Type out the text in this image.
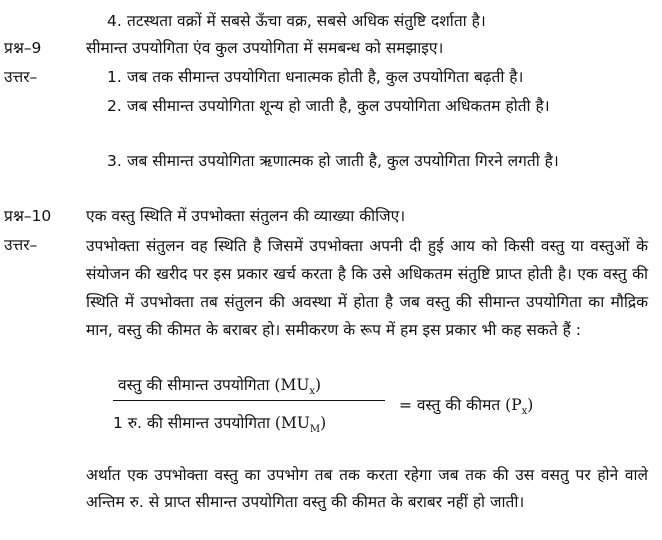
4. तटस्थता वक्रों में सबसे ऊँचा वक्र, सबसे अधिक संतुष्टि दर्शाता है।
प्रश्न–9	सीमान्त उपयोगिता एंव कुल उपयोगिता में समबन्ध को समझाइए।
उत्तर–	1. जब तक सीमान्त उपयोगिता धनात्मक होती है, कुल उपयोगिता बढ़ती है।
2. जब सीमान्त उपयोगिता शून्य हो जाती है, कुल उपयोगिता अधिकतम होती है।
3. जब सीमान्त उपयोगिता ऋणात्मक हो जाती है, कुल उपयोगिता गिरने लगती है।
प्रश्न–10 एक वस्तु स्थिति में उपभोक्ता संतुलन की व्याख्या कीजिए।
उत्तर–	उपभोक्ता संतुलन वह स्थिति है जिसमें उपभोक्ता अपनी दी हुई आय को किसी वस्तु या वस्तुओं के संयोजन की खरीद पर इस प्रकार खर्च करता है कि उसे अधिकतम संतुष्टि प्राप्त होती है। एक वस्तु की स्थिति में उपभोक्ता तब संतुलन की अवस्था में होता है जब वस्तु की सीमान्त उपयोगिता का मौद्रिक मान, वस्तु की कीमत के बराबर हो। समीकरण के रूप में हम इस प्रकार भी कह सकते हैं :
वस्तु की सीमान्त उपयोगिता $(MU_x)$
1 रु. की सीमान्त उपयोगिता $(MU_M)$
= वस्तु की कीमत $(P_x)$
अर्थात एक उपभोक्ता वस्तु का उपभोग तब तक करता रहेगा जब तक की उस वसतु पर होने वाले अन्तिम रु. से प्राप्त सीमान्त उपयोगिता वस्तु की कीमत के बराबर नहीं हो जाती।
